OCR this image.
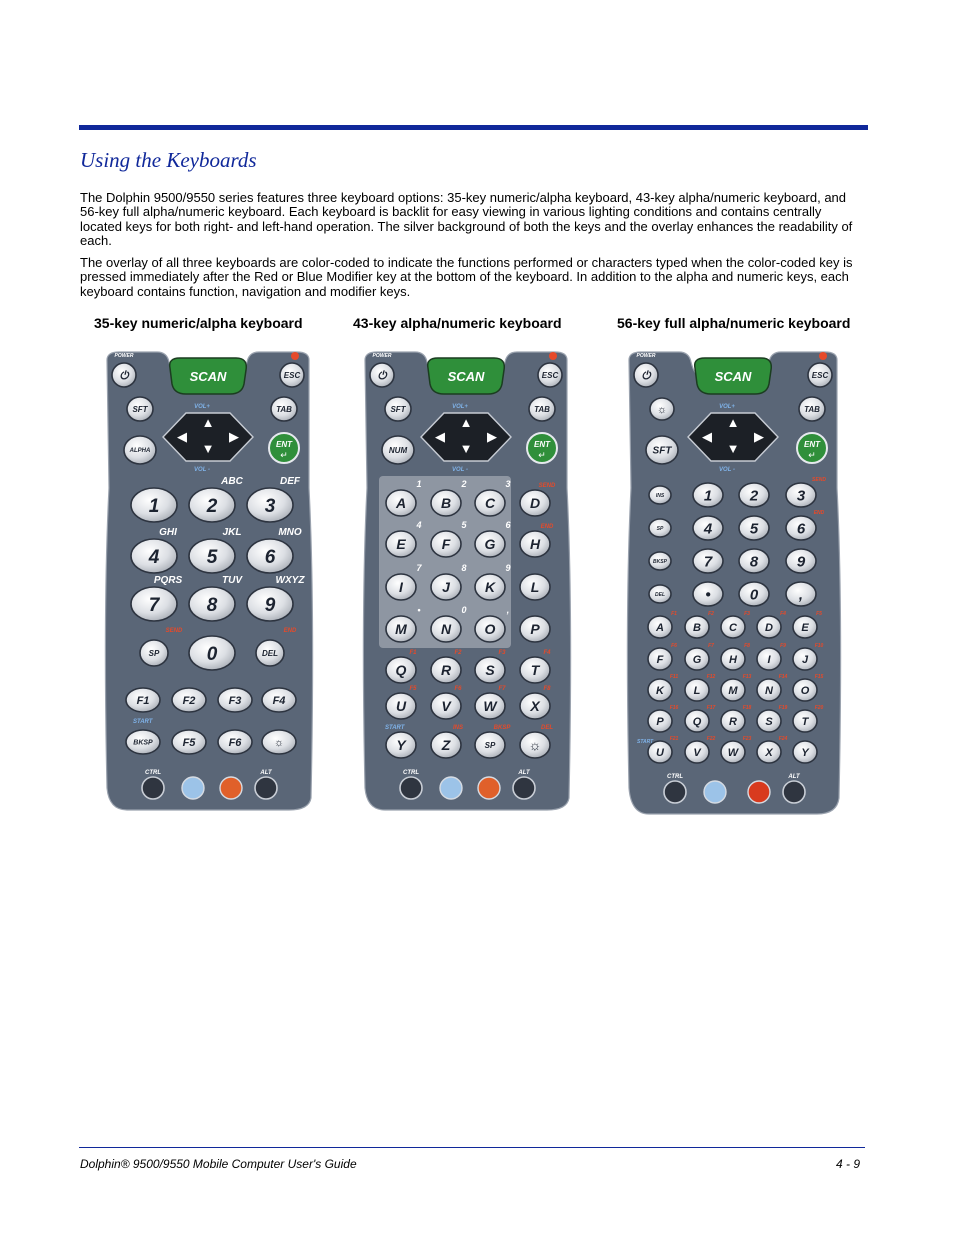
Using the Keyboards

The Dolphin 9500/9550 series features three keyboard options: 35-key numeric/alpha keyboard, 43-key alpha/numeric keyboard, and 56-key full alpha/numeric keyboard. Each keyboard is backlit for easy viewing in various lighting conditions and contains centrally located keys for both right- and left-hand operation. The silver background of both the keys and the overlay enhances the readability of each.

The overlay of all three keyboards are color-coded to indicate the functions performed or characters typed when the color-coded key is pressed immediately after the Red or Blue Modifier key at the bottom of the keyboard. In addition to the alpha and numeric keys, each keyboard contains function, navigation and modifier keys.

35-key numeric/alpha keyboard	43-key alpha/numeric keyboard	56-key full alpha/numeric keyboard
⏻
POWER
SCAN	ESC
SFT	TAB
▲
▼
◀	▶
VOL+
VOL -
ALPHA
ENT
↵
1 2
ABC
3
DEF
4
GHI
5
JKL
6
MNO
7
PQRS
8
TUV
9
WXYZ
SP
SEND
0	DEL
END
F1	F2	F3	F4
BKSP	F5	F6	☼
START
CTRL	ALT
⏻
POWER
SCAN	ESC
SFT	TAB
▲
▼
◀	▶
VOL+
VOL -
NUM
ENT
↵
A
1
B
2
C
3
D
SEND
E
4
F
5
G
6
H
END
I
7
J
8
K
9
L
M
•
N
0
O
,
P
Q
F1
R
F2
S
F3
T
F4
U
F5
V
F6
W
F7
X
F8
Y	Z
INS
SP
BKSP
☼
DEL
START
CTRL	ALT
⏻
POWER
SCAN	ESC
TAB
▲
▼
◀	▶
VOL+
VOL -
ENT
↵
☼
SFT
INS	1	2	3
SEND
SP	4	5	6
END
BKSP 7	8	9
DEL	•	0	,
A
F1
B
F2
C
F3
D
F4
E
F5
F
F6
G
F7
H
F8
I
F9
J
F10
K
F11
L
F12
M
F13
N
F14
O
F15
P
F16
Q
F17
R
F18
S
F19
T
F20
U
F21
V
F22
W
F23
X
F24
Y
START
CTRL	ALT
Dolphin® 9500/9550 Mobile Computer User's Guide	4 - 9
